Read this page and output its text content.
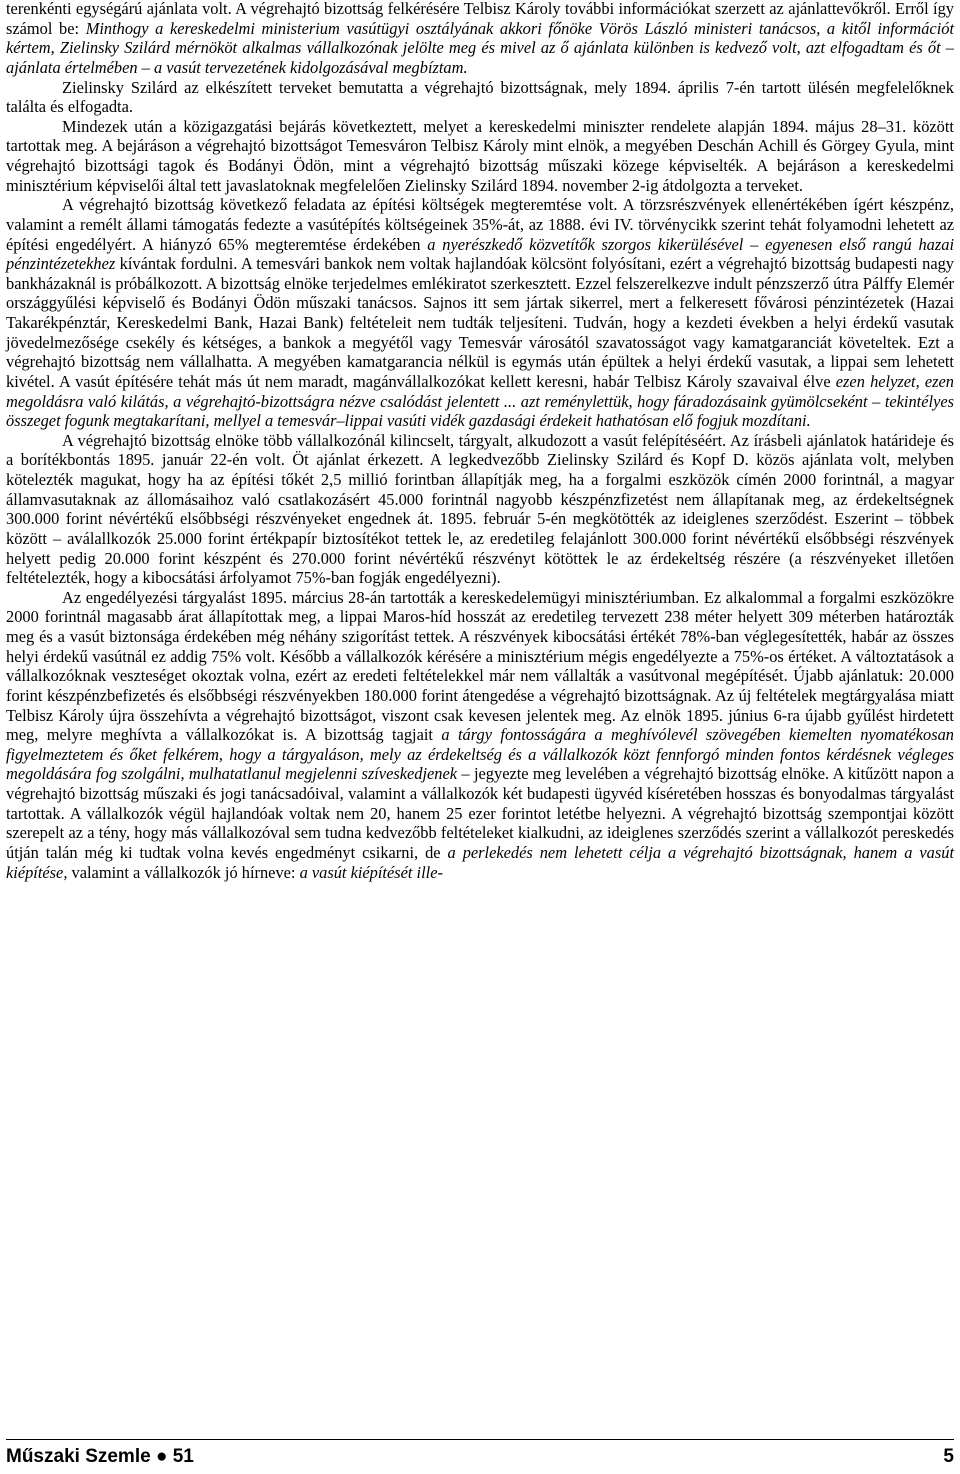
terenkénti egységárú ajánlata volt. A végrehajtó bizottság felkérésére Telbisz Károly további információkat szerzett az ajánlattevőkről. Erről így számol be: Minthogy a kereskedelmi ministerium vasútügyi osztályának akkori főnöke Vörös László ministeri tanácsos, a kitől információt kértem, Zielinsky Szilárd mérnököt alkalmas vállalkozónak jelölte meg és mivel az ő ajánlata különben is kedvező volt, azt elfogadtam és őt – ajánlata értelmében – a vasút tervezetének kidolgozásával megbíztam.

Zielinsky Szilárd az elkészített terveket bemutatta a végrehajtó bizottságnak, mely 1894. április 7-én tartott ülésén megfelelőknek találta és elfogadta.

Mindezek után a közigazgatási bejárás következtett, melyet a kereskedelmi miniszter rendelete alapján 1894. május 28–31. között tartottak meg. A bejáráson a végrehajtó bizottságot Temesváron Telbisz Károly mint elnök, a megyében Deschán Achill és Görgey Gyula, mint végrehajtó bizottsági tagok és Bodányi Ödön, mint a végrehajtó bizottság műszaki közege képviselték. A bejáráson a kereskedelmi minisztérium képviselői által tett javaslatoknak megfelelően Zielinsky Szilárd 1894. november 2-ig átdolgozta a terveket.

A végrehajtó bizottság következő feladata az építési költségek megteremtése volt. A törzsrészvények ellenértékében ígért készpénz, valamint a remélt állami támogatás fedezte a vasútépítés költségeinek 35%-át, az 1888. évi IV. törvénycikk szerint tehát folyamodni lehetett az építési engedélyért. A hiányzó 65% megteremtése érdekében a nyerészkedő közvetítők szorgos kikerülésével – egyenesen első rangú hazai pénzintézetekhez kívántak fordulni. A temesvári bankok nem voltak hajlandóak kölcsönt folyósítani, ezért a végrehajtó bizottság budapesti nagy bankházaknál is próbálkozott. A bizottság elnöke terjedelmes emlékiratot szerkesztett. Ezzel felszerelkezve indult pénzszerző útra Pálffy Elemér országgyűlési képviselő és Bodányi Ödön műszaki tanácsos. Sajnos itt sem jártak sikerrel, mert a felkeresett fővárosi pénzintézetek (Hazai Takarékpénztár, Kereskedelmi Bank, Hazai Bank) feltételeit nem tudták teljesíteni. Tudván, hogy a kezdeti években a helyi érdekű vasutak jövedelmezősége csekély és kétséges, a bankok a megyétől vagy Temesvár városától szavatosságot vagy kamatgaranciát követeltek. Ezt a végrehajtó bizottság nem vállalhatta. A megyében kamatgarancia nélkül is egymás után épültek a helyi érdekű vasutak, a lippai sem lehetett kivétel. A vasút építésére tehát más út nem maradt, magánvállalkozókat kellett keresni, habár Telbisz Károly szavaival élve ezen helyzet, ezen megoldásra való kilátás, a végrehajtó-bizottságra nézve csalódást jelentett ... azt reménylettük, hogy fáradozásaink gyümölcseként – tekintélyes összeget fogunk megtakarítani, mellyel a temesvár–lippai vasúti vidék gazdasági érdekeit hathatósan elő fogjuk mozdítani.

A végrehajtó bizottság elnöke több vállalkozónál kilincselt, tárgyalt, alkudozott a vasút felépítéséért. Az írásbeli ajánlatok határideje és a borítékbontás 1895. január 22-én volt. Öt ajánlat érkezett. A legkedvezőbb Zielinsky Szilárd és Kopf D. közös ajánlata volt, melyben kötelezték magukat, hogy ha az építési tőkét 2,5 millió forintban állapítják meg, ha a forgalmi eszközök címén 2000 forintnál, a magyar államvasutaknak az állomásaihoz való csatlakozásért 45.000 forintnál nagyobb készpénzfizetést nem állapítanak meg, az érdekeltségnek 300.000 forint névértékű elsőbbségi részvényeket engednek át. 1895. február 5-én megkötötték az ideiglenes szerződést. Eszerint – többek között – aválallkozók 25.000 forint értékpapír biztosítékot tettek le, az eredetileg felajánlott 300.000 forint névértékű elsőbbségi részvények helyett pedig 20.000 forint készpént és 270.000 forint névértékű részvényt kötöttek le az érdekeltség részére (a részvényeket illetően feltételezték, hogy a kibocsátási árfolyamot 75%-ban fogják engedélyezni).

Az engedélyezési tárgyalást 1895. március 28-án tartották a kereskedelemügyi minisztériumban. Ez alkalommal a forgalmi eszközökre 2000 forintnál magasabb árat állapítottak meg, a lippai Maros-híd hosszát az eredetileg tervezett 238 méter helyett 309 méterben határozták meg és a vasút biztonsága érdekében még néhány szigorítást tettek. A részvények kibocsátási értékét 78%-ban véglegesítették, habár az összes helyi érdekű vasútnál ez addig 75% volt. Később a vállalkozók kérésére a minisztérium mégis engedélyezte a 75%-os értéket. A változtatások a vállalkozóknak veszteséget okoztak volna, ezért az eredeti feltételekkel már nem vállalták a vasútvonal megépítését. Újabb ajánlatuk: 20.000 forint készpénzbefizetés és elsőbbségi részvényekben 180.000 forint átengedése a végrehajtó bizottságnak. Az új feltételek megtárgyalása miatt Telbisz Károly újra összehívta a végrehajtó bizottságot, viszont csak kevesen jelentek meg. Az elnök 1895. június 6-ra újabb gyűlést hirdetett meg, melyre meghívta a vállalkozókat is. A bizottság tagjait a tárgy fontosságára a meghívólevél szövegében kiemelten nyomatékosan figyelmeztetem és őket felkérem, hogy a tárgyaláson, mely az érdekeltség és a vállalkozók közt fennforgó minden fontos kérdésnek végleges megoldására fog szolgálni, mulhatatlanul megjelenni szíveskedjenek – jegyezte meg levelében a végrehajtó bizottság elnöke. A kitűzött napon a végrehajtó bizottság műszaki és jogi tanácsadóival, valamint a vállalkozók két budapesti ügyvéd kíséretében hosszas és bonyodalmas tárgyalást tartottak. A vállalkozók végül hajlandóak voltak nem 20, hanem 25 ezer forintot letétbe helyezni. A végrehajtó bizottság szempontjai között szerepelt az a tény, hogy más vállalkozóval sem tudna kedvezőbb feltételeket kialkudni, az ideiglenes szerződés szerint a vállalkozót pereskedés útján talán még ki tudtak volna kevés engedményt csikarni, de a perlekedés nem lehetett célja a végrehajtó bizottságnak, hanem a vasút kiépítése, valamint a vállalkozók jó hírneve: a vasút kiépítését ille-

Műszaki Szemle ● 51	5
